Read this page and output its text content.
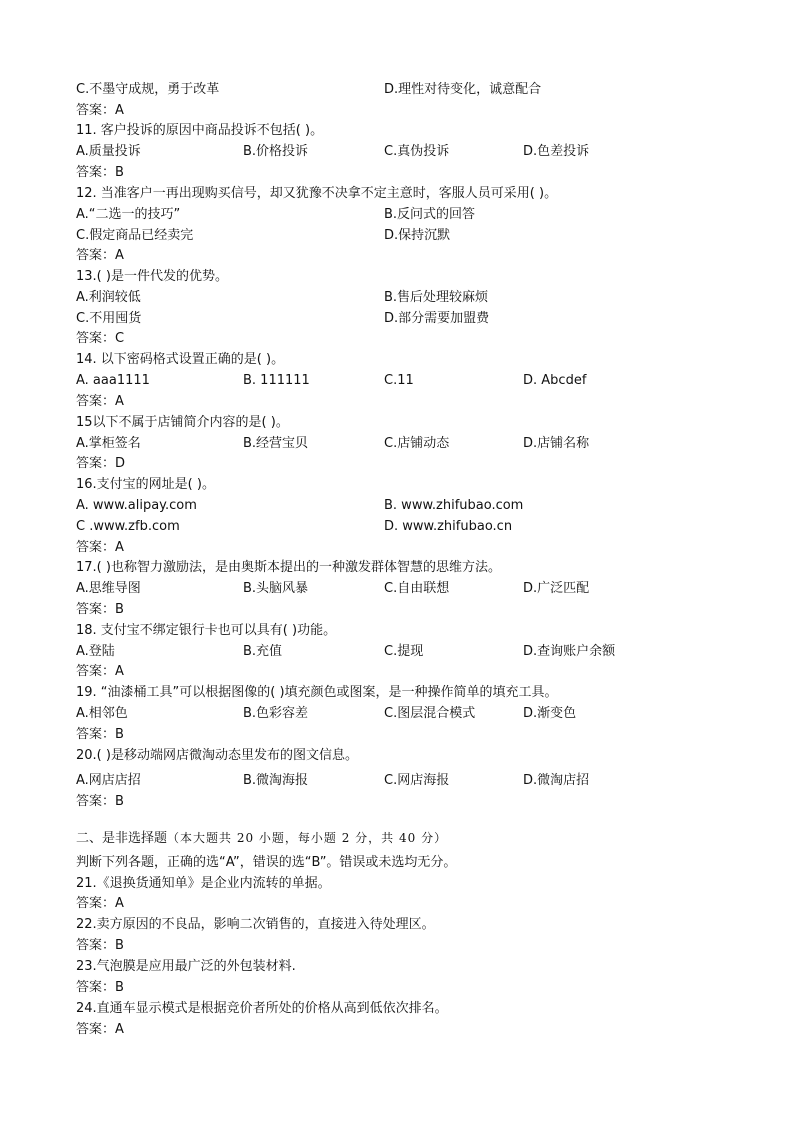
C.不墨守成规，勇于改革	D.理性对待变化，诚意配合
答案：A
11. 客户投诉的原因中商品投诉不包括( )。
A.质量投诉	B.价格投诉	C.真伪投诉	D.色差投诉
答案：B
12. 当准客户一再出现购买信号，却又犹豫不决拿不定主意时，客服人员可采用( )。
A.“二选一的技巧”	B.反问式的回答
C.假定商品已经卖完	D.保持沉默
答案：A
13.( )是一件代发的优势。
A.利润较低	B.售后处理较麻烦
C.不用囤货	D.部分需要加盟费
答案：C
14. 以下密码格式设置正确的是( )。
A. aaa1111	B. 111111	C.11	D. Abcdef
答案：A
15以下不属于店铺简介内容的是( )。
A.掌柜签名	B.经营宝贝	C.店铺动态	D.店铺名称
答案：D
16.支付宝的网址是( )。
A. www.alipay.com	B. www.zhifubao.com
C .www.zfb.com	D. www.zhifubao.cn
答案：A
17.( )也称智力激励法，是由奥斯本提出的一种激发群体智慧的思维方法。
A.思维导图	B.头脑风暴	C.自由联想	D.广泛匹配
答案：B
18. 支付宝不绑定银行卡也可以具有( )功能。
A.登陆	B.充值	C.提现	D.查询账户余额
答案：A
19. “油漆桶工具”可以根据图像的( )填充颜色或图案，是一种操作简单的填充工具。
A.相邻色	B.色彩容差	C.图层混合模式	D.渐变色
答案：B
20.( )是移动端网店微淘动态里发布的图文信息。
A.网店店招	B.微淘海报	C.网店海报	D.微淘店招
答案：B
二、是非选择题（本大题共 20 小题，每小题 2 分，共 40 分）
判断下列各题，正确的选“A”，错误的选“B”。错误或未选均无分。
21.《退换货通知单》是企业内流转的单据。
答案：A
22.卖方原因的不良品，影响二次销售的，直接进入待处理区。
答案：B
23.气泡膜是应用最广泛的外包装材料.
答案：B
24.直通车显示模式是根据竞价者所处的价格从高到低依次排名。
答案：A
